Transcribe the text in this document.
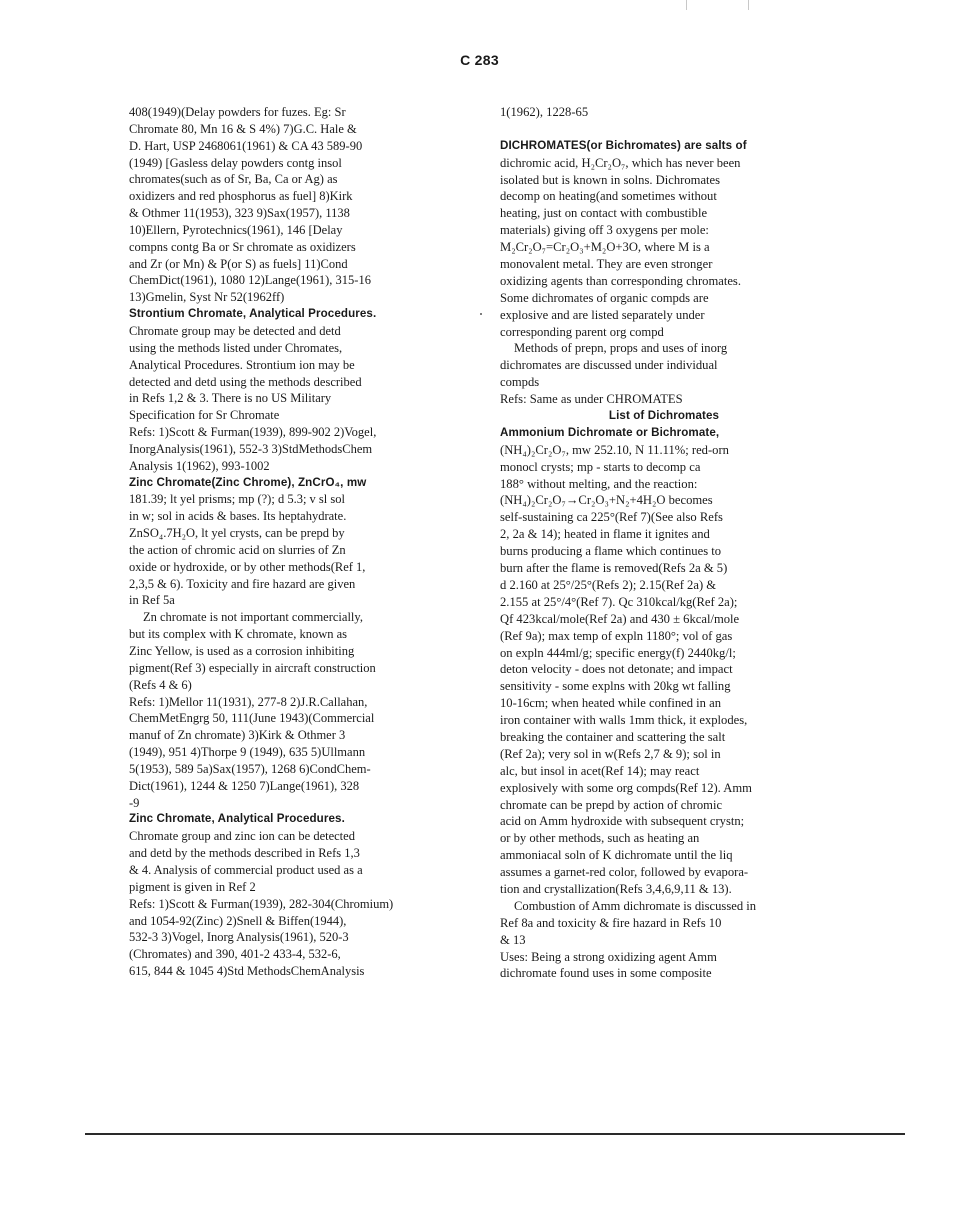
C 283
408(1949)(Delay powders for fuzes. Eg: Sr
Chromate 80, Mn 16 & S 4%) 7)G.C. Hale &
D. Hart, USP 2468061(1961) & CA 43 589-90
(1949) [Gasless delay powders contg insol
chromates(such as of Sr, Ba, Ca or Ag) as
oxidizers and red phosphorus as fuel] 8)Kirk
& Othmer 11(1953), 323 9)Sax(1957), 1138
10)Ellern, Pyrotechnics(1961), 146 [Delay
compns contg Ba or Sr chromate as oxidizers
and Zr (or Mn) & P(or S) as fuels] 11)Cond
ChemDict(1961), 1080 12)Lange(1961), 315-16
13)Gmelin, Syst Nr 52(1962ff)
Strontium Chromate, Analytical Procedures.
Chromate group may be detected and detd
using the methods listed under Chromates,
Analytical Procedures. Strontium ion may be
detected and detd using the methods described
in Refs 1,2 & 3. There is no US Military
Specification for Sr Chromate
Refs: 1)Scott & Furman(1939), 899-902 2)Vogel,
InorgAnalysis(1961), 552-3 3)StdMethodsChem
Analysis 1(1962), 993-1002
Zinc Chromate(Zinc Chrome), ZnCrO₄, mw
181.39; lt yel prisms; mp (?); d 5.3; v sl sol
in w; sol in acids & bases. Its heptahydrate.
ZnSO₄.7H₂O, lt yel crysts, can be prepd by
the action of chromic acid on slurries of Zn
oxide or hydroxide, or by other methods(Ref 1,
2,3,5 & 6). Toxicity and fire hazard are given
in Ref 5a
Zn chromate is not important commercially,
but its complex with K chromate, known as
Zinc Yellow, is used as a corrosion inhibiting
pigment(Ref 3) especially in aircraft construction
(Refs 4 & 6)
Refs: 1)Mellor 11(1931), 277-8 2)J.R.Callahan,
ChemMetEngrg 50, 111(June 1943)(Commercial
manuf of Zn chromate) 3)Kirk & Othmer 3
(1949), 951 4)Thorpe 9 (1949), 635 5)Ullmann
5(1953), 589 5a)Sax(1957), 1268 6)CondChem-
Dict(1961), 1244 & 1250 7)Lange(1961), 328
-9
Zinc Chromate, Analytical Procedures.
Chromate group and zinc ion can be detected
and detd by the methods described in Refs 1,3
& 4. Analysis of commercial product used as a
pigment is given in Ref 2
Refs: 1)Scott & Furman(1939), 282-304(Chromium)
and 1054-92(Zinc) 2)Snell & Biffen(1944),
532-3 3)Vogel, Inorg Analysis(1961), 520-3
(Chromates) and 390, 401-2 433-4, 532-6,
615, 844 & 1045 4)Std MethodsChemAnalysis
1(1962), 1228-65
DICHROMATES(or Bichromates) are salts of
dichromic acid, H₂Cr₂O₇, which has never been
isolated but is known in solns. Dichromates
decomp on heating(and sometimes without
heating, just on contact with combustible
materials) giving off 3 oxygens per mole:
M₂Cr₂O₇=Cr₂O₃+M₂O+3O, where M is a
monovalent metal. They are even stronger
oxidizing agents than corresponding chromates.
Some dichromates of organic compds are
explosive and are listed separately under
corresponding parent org compd
Methods of prepn, props and uses of inorg
dichromates are discussed under individual
compds
Refs: Same as under CHROMATES
List of Dichromates
Ammonium Dichromate or Bichromate,
(NH₄)₂Cr₂O₇, mw 252.10, N 11.11%; red-orn
monocl crysts; mp - starts to decomp ca
188° without melting, and the reaction:
(NH₄)₂Cr₂O₇→Cr₂O₃+N₂+4H₂O becomes
self-sustaining ca 225°(Ref 7)(See also Refs
2, 2a & 14); heated in flame it ignites and
burns producing a flame which continues to
burn after the flame is removed(Refs 2a & 5)
d 2.160 at 25°/25°(Refs 2); 2.15(Ref 2a) &
2.155 at 25°/4°(Ref 7). Qc 310kcal/kg(Ref 2a);
Qf 423kcal/mole(Ref 2a) and 430 ± 6kcal/mole
(Ref 9a); max temp of expln 1180°; vol of gas
on expln 444ml/g; specific energy(f) 2440kg/l;
deton velocity - does not detonate; and impact
sensitivity - some explns with 20kg wt falling
10-16cm; when heated while confined in an
iron container with walls 1mm thick, it explodes,
breaking the container and scattering the salt
(Ref 2a); very sol in w(Refs 2,7 & 9); sol in
alc, but insol in acet(Ref 14); may react
explosively with some org compds(Ref 12). Amm
chromate can be prepd by action of chromic
acid on Amm hydroxide with subsequent crystn;
or by other methods, such as heating an
ammoniacal soln of K dichromate until the liq
assumes a garnet-red color, followed by evapora-
tion and crystallization(Refs 3,4,6,9,11 & 13).
Combustion of Amm dichromate is discussed in
Ref 8a and toxicity & fire hazard in Refs 10
& 13
Uses: Being a strong oxidizing agent Amm
dichromate found uses in some composite
